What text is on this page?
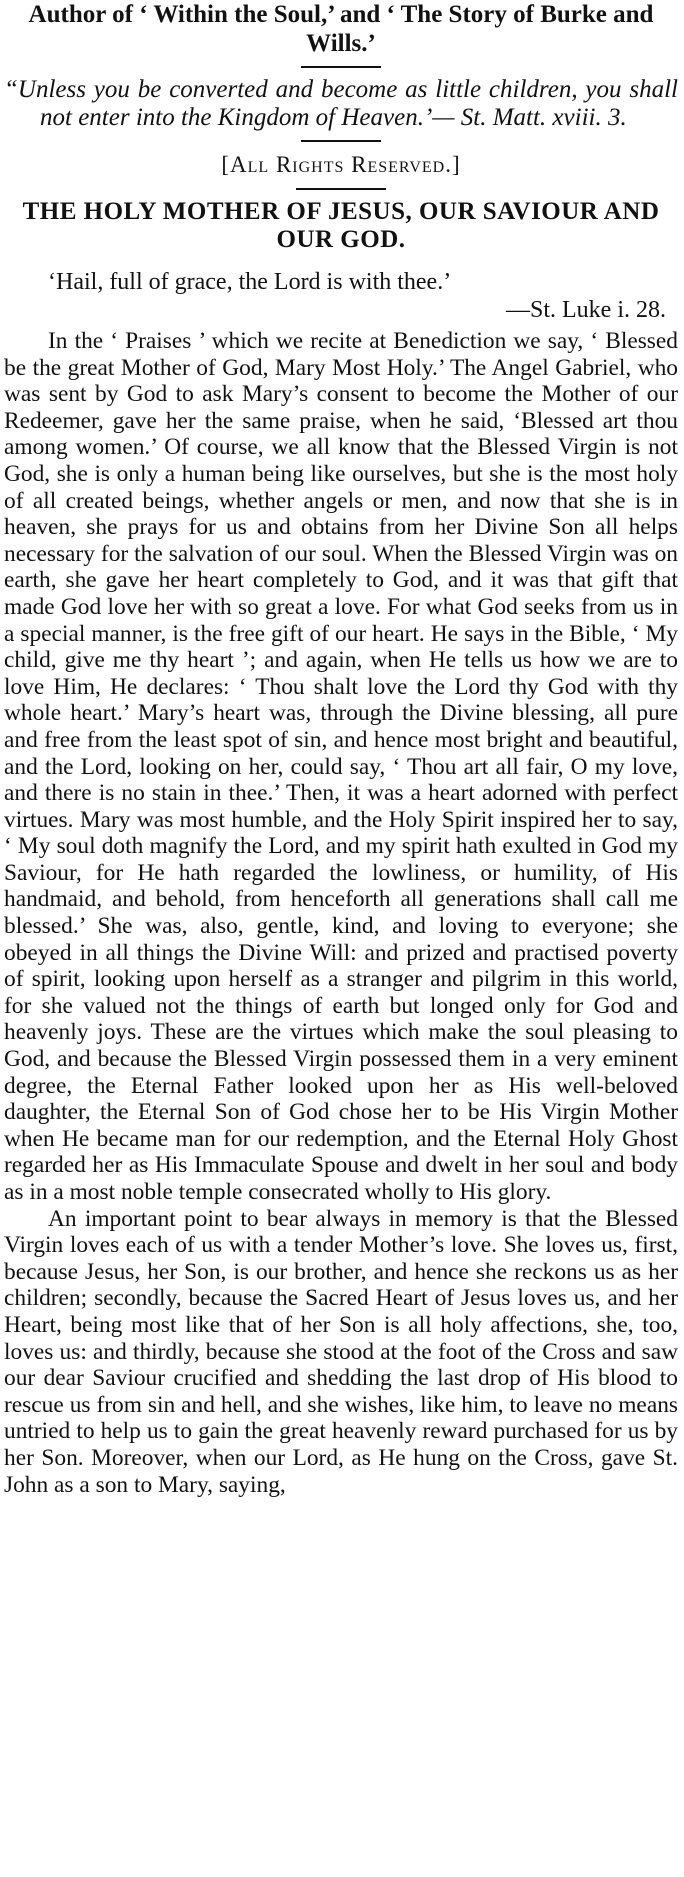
Author of ‘ Within the Soul,’ and ‘ The Story of Burke and Wills.’

“Unless you be converted and become as little children, you shall not enter into the Kingdom of Heaven.’— St. Matt. xviii. 3.

[All Rights Reserved.]

THE HOLY MOTHER OF JESUS, OUR SAVIOUR AND OUR GOD.

‘Hail, full of grace, the Lord is with thee.’

—St. Luke i. 28.

In the ‘ Praises ’ which we recite at Benediction we say, ‘ Blessed be the great Mother of God, Mary Most Holy.’ The Angel Gabriel, who was sent by God to ask Mary’s consent to become the Mother of our Redeemer, gave her the same praise, when he said, ‘Blessed art thou among women.’ Of course, we all know that the Blessed Virgin is not God, she is only a human being like ourselves, but she is the most holy of all created beings, whether angels or men, and now that she is in heaven, she prays for us and obtains from her Divine Son all helps necessary for the salvation of our soul. When the Blessed Virgin was on earth, she gave her heart completely to God, and it was that gift that made God love her with so great a love. For what God seeks from us in a special manner, is the free gift of our heart. He says in the Bible, ‘ My child, give me thy heart ’; and again, when He tells us how we are to love Him, He declares: ‘ Thou shalt love the Lord thy God with thy whole heart.’ Mary’s heart was, through the Divine blessing, all pure and free from the least spot of sin, and hence most bright and beautiful, and the Lord, looking on her, could say, ‘ Thou art all fair, O my love, and there is no stain in thee.’ Then, it was a heart adorned with perfect virtues. Mary was most humble, and the Holy Spirit inspired her to say, ‘ My soul doth magnify the Lord, and my spirit hath exulted in God my Saviour, for He hath regarded the lowliness, or humility, of His handmaid, and behold, from henceforth all generations shall call me blessed.’ She was, also, gentle, kind, and loving to everyone; she obeyed in all things the Divine Will: and prized and practised poverty of spirit, looking upon herself as a stranger and pilgrim in this world, for she valued not the things of earth but longed only for God and heavenly joys. These are the virtues which make the soul pleasing to God, and because the Blessed Virgin possessed them in a very eminent degree, the Eternal Father looked upon her as His well-beloved daughter, the Eternal Son of God chose her to be His Virgin Mother when He became man for our redemption, and the Eternal Holy Ghost regarded her as His Immaculate Spouse and dwelt in her soul and body as in a most noble temple consecrated wholly to His glory.

An important point to bear always in memory is that the Blessed Virgin loves each of us with a tender Mother’s love. She loves us, first, because Jesus, her Son, is our brother, and hence she reckons us as her children; secondly, because the Sacred Heart of Jesus loves us, and her Heart, being most like that of her Son is all holy affections, she, too, loves us: and thirdly, because she stood at the foot of the Cross and saw our dear Saviour crucified and shedding the last drop of His blood to rescue us from sin and hell, and she wishes, like him, to leave no means untried to help us to gain the great heavenly reward purchased for us by her Son. Moreover, when our Lord, as He hung on the Cross, gave St. John as a son to Mary, saying,
